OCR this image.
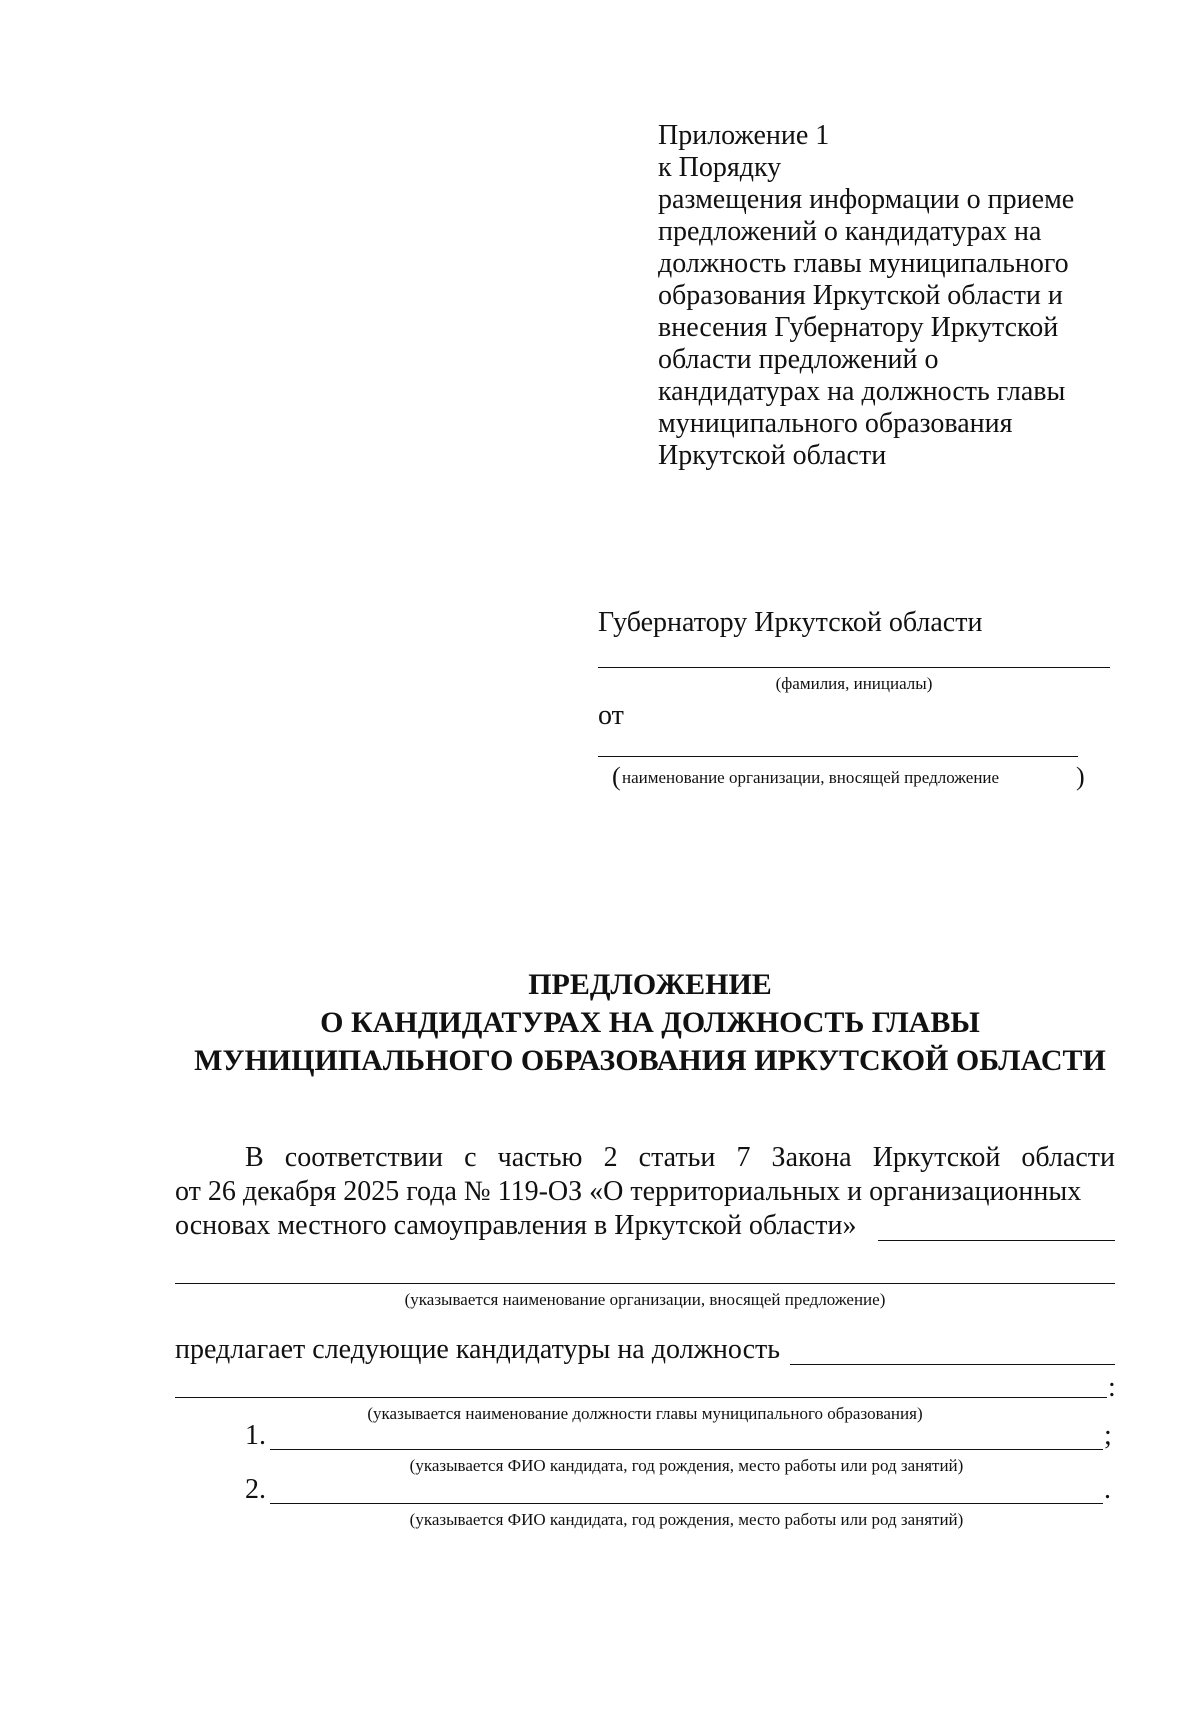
Приложение 1
к Порядку
размещения информации о приеме
предложений о кандидатурах на
должность главы муниципального
образования Иркутской области и
внесения Губернатору Иркутской
области предложений о
кандидатурах на должность главы
муниципального образования
Иркутской области
Губернатору Иркутской области
(фамилия, инициалы)
от
( наименование организации, вносящей предложение	)
ПРЕДЛОЖЕНИЕ
О КАНДИДАТУРАХ НА ДОЛЖНОСТЬ ГЛАВЫ
МУНИЦИПАЛЬНОГО ОБРАЗОВАНИЯ ИРКУТСКОЙ ОБЛАСТИ
В соответствии с частью 2 статьи 7 Закона Иркутской области
от 26 декабря 2025 года № 119-ОЗ «О территориальных и организационных
основах местного самоуправления в Иркутской области»
(указывается наименование организации, вносящей предложение)
предлагает следующие кандидатуры на должность
:
(указывается наименование должности главы муниципального образования)
1.	;
(указывается ФИО кандидата, год рождения, место работы или род занятий)
2.	.
(указывается ФИО кандидата, год рождения, место работы или род занятий)
